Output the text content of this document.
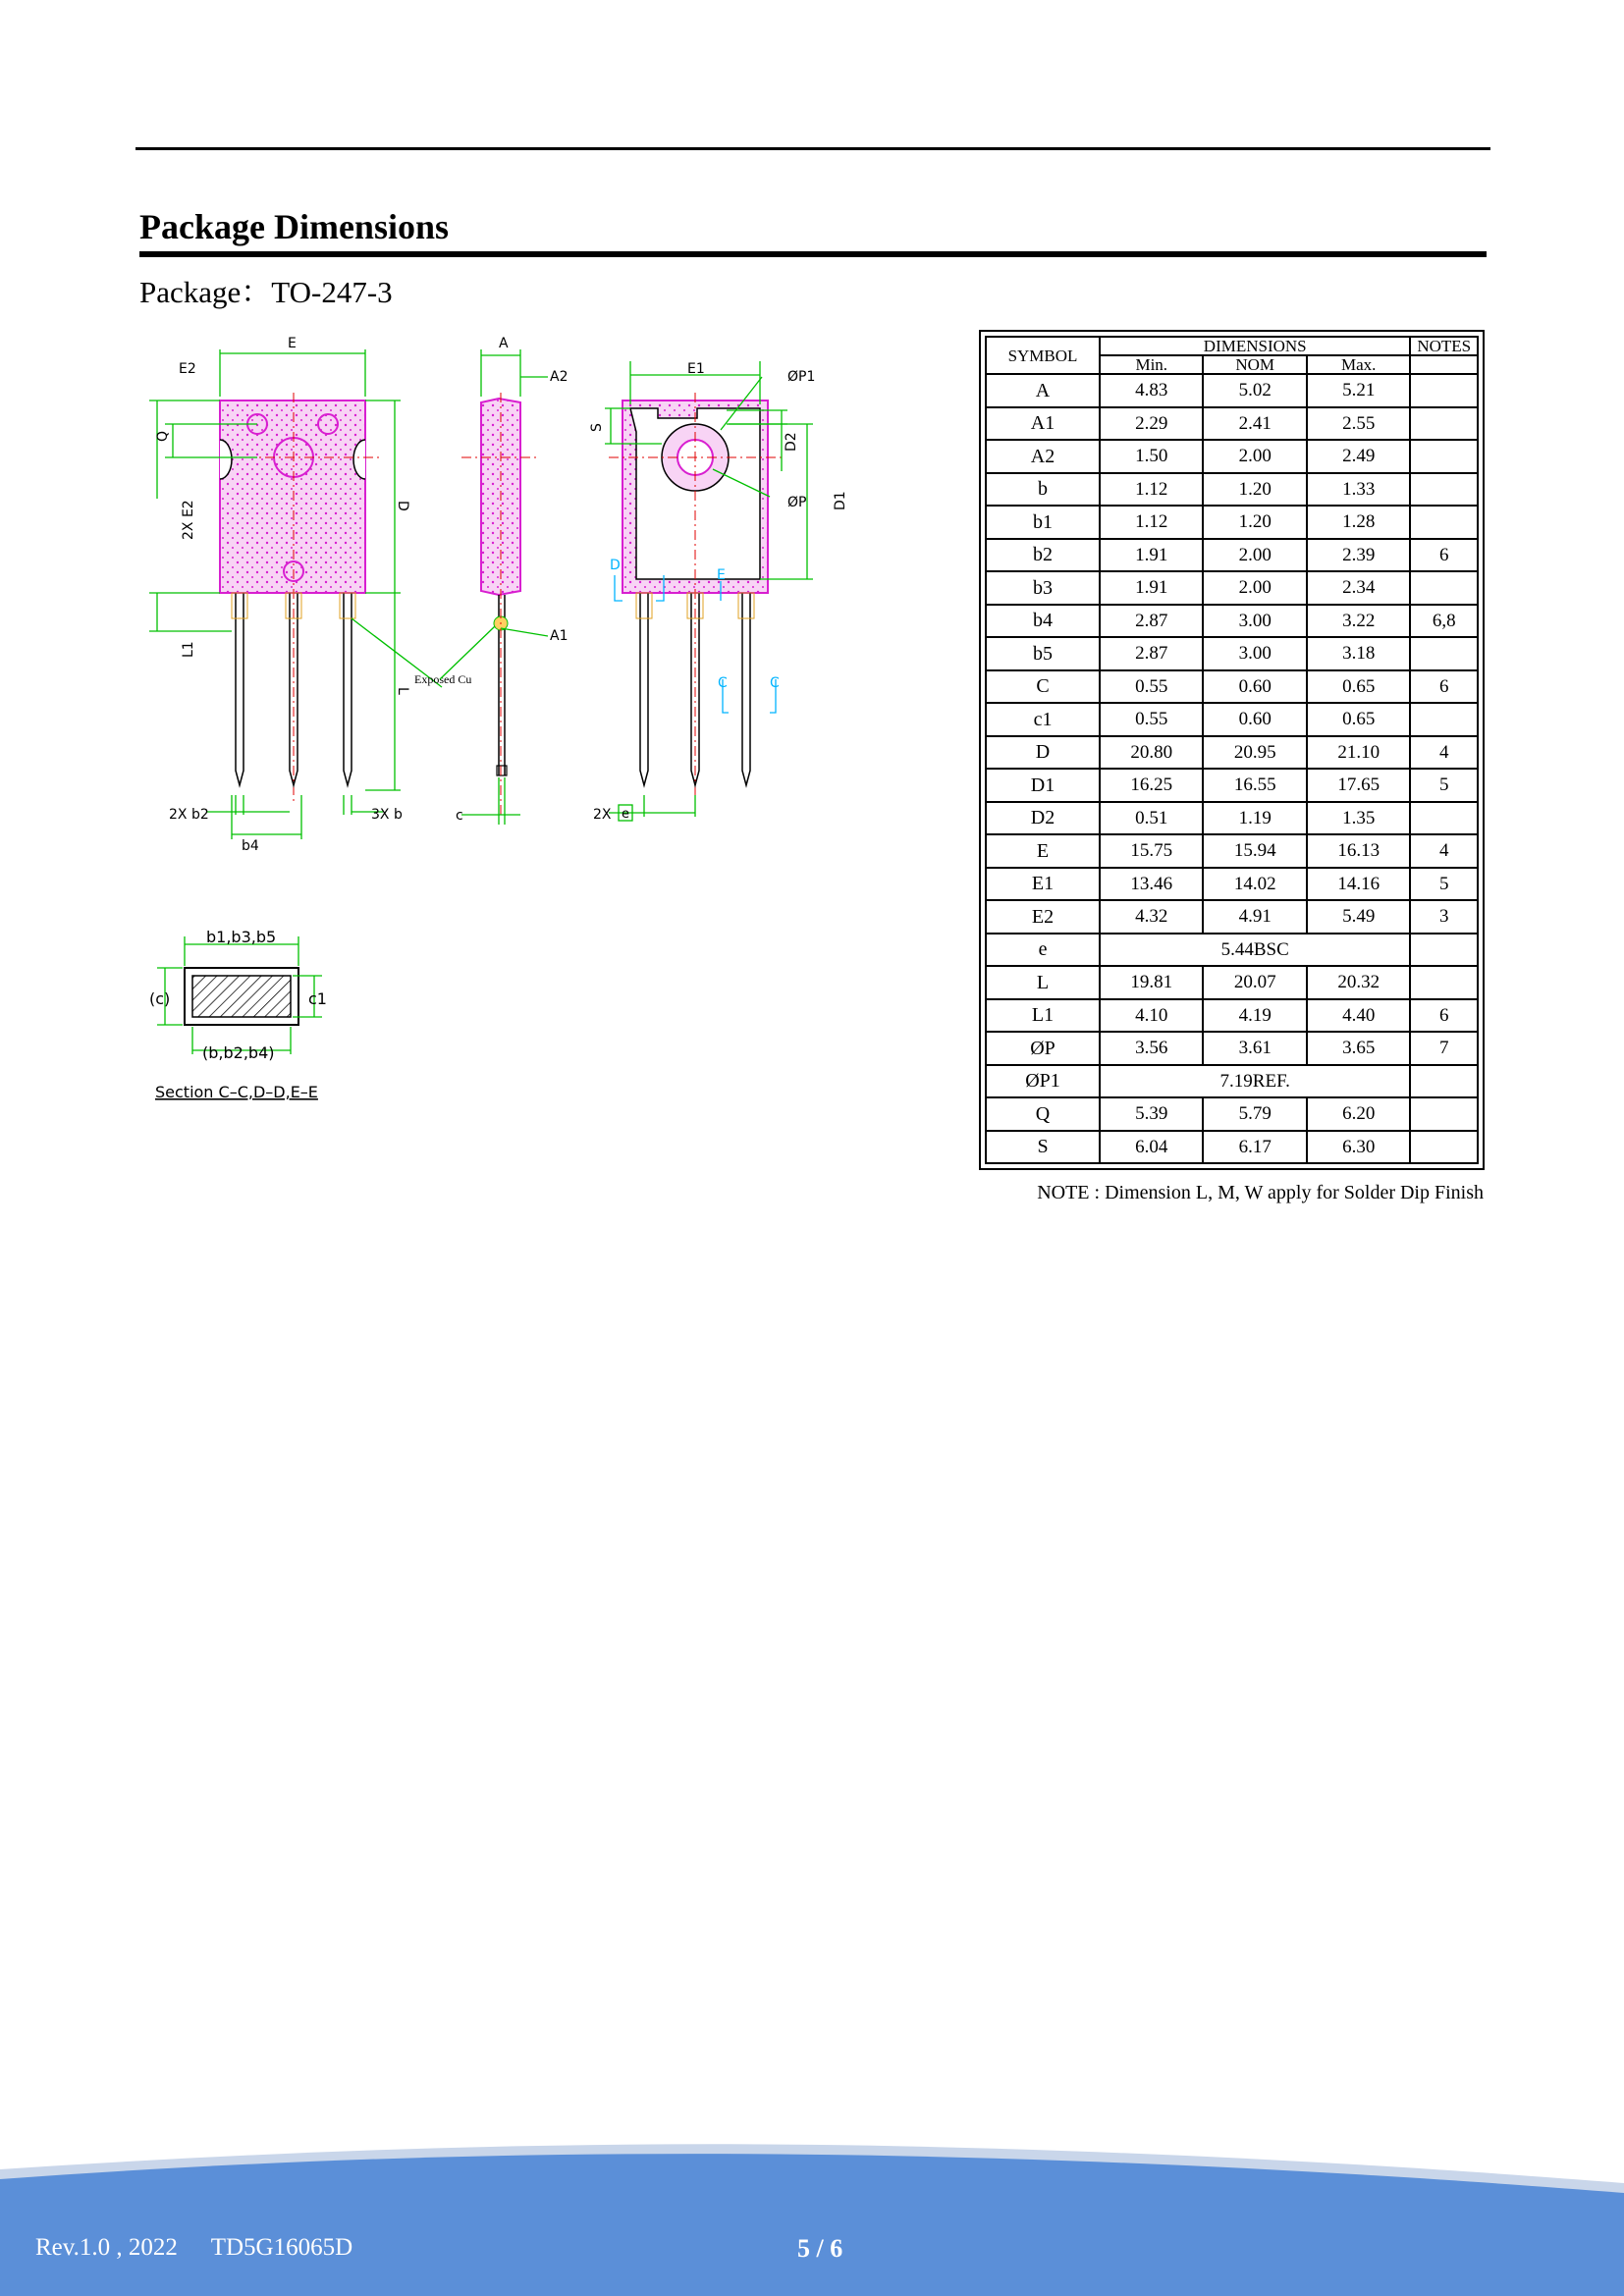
Package Dimensions
Package：TO-247-3
E
E2
Q
2X E2	D
L1
L
2X b2	3X b
b4
Exposed Cu
A
A2
A1
c
E1	ØP1
ØP
S
D2
D1
2X e
D
E
C	C
b1,b3,b5
(c)	c1
(b,b2,b4)
Section C–C,D–D,E–E
SYMBOL	DIMENSIONS			NOTES
	Min.	NOM	Max.	
A	4.83	5.02	5.21	
A1	2.29	2.41	2.55	
A2	1.50	2.00	2.49	
b	1.12	1.20	1.33	
b1	1.12	1.20	1.28	
b2	1.91	2.00	2.39	6
b3	1.91	2.00	2.34	
b4	2.87	3.00	3.22	6,8
b5	2.87	3.00	3.18	
C	0.55	0.60	0.65	6
c1	0.55	0.60	0.65	
D	20.80	20.95	21.10	4
D1	16.25	16.55	17.65	5
D2	0.51	1.19	1.35	
E	15.75	15.94	16.13	4
E1	13.46	14.02	14.16	5
E2	4.32	4.91	5.49	3
e	5.44BSC			
L	19.81	20.07	20.32	
L1	4.10	4.19	4.40	6
ØP	3.56	3.61	3.65	7
ØP1	7.19REF.			
Q	5.39	5.79	6.20	
S	6.04	6.17	6.30	
NOTE : Dimension L, M, W apply for Solder Dip Finish
Rev.1.0 , 2022 TD5G16065D	5 / 6
